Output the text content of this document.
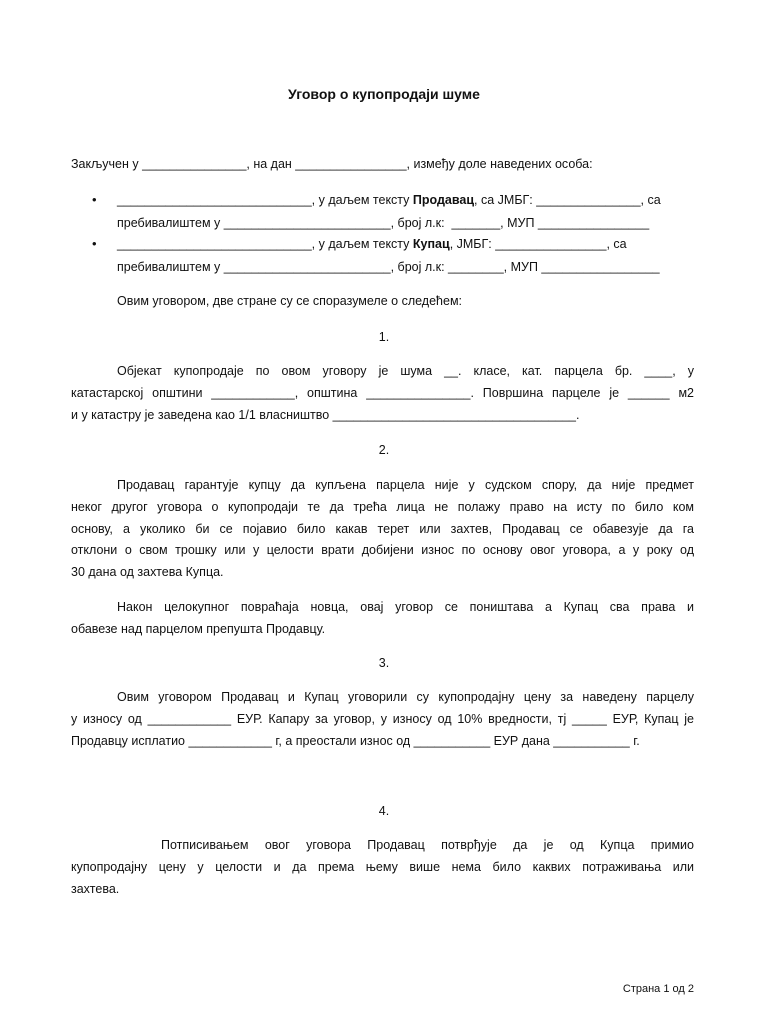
Уговор о купопродаји шуме
Закључен у _______________, на дан ________________, између доле наведених особа:
•	____________________________, у даљем тексту Продавац, са ЈМБГ: _______________, са
пребивалиштем у ________________________, број л.к:  _______, МУП ________________
•	____________________________, у даљем тексту Купац, ЈМБГ: ________________, са
пребивалиштем у ________________________, број л.к: ________, МУП _________________
Овим уговором, две стране су се споразумеле о следећем:
1.
Објекат купопродаје по овом уговору је шума __. класе, кат. парцела бр. ____, у
катастарској општини ____________, општина _______________. Површина парцеле је ______ м2
и у катастру је заведена као 1/1 власништво ___________________________________.
2.
Продавац гарантује купцу да купљена парцела није у судском спору, да није предмет
неког другог уговора о купопродаји те да трећа лица не полажу право на исту по било ком
основу, а уколико би се појавио било какав терет или захтев, Продавац се обавезује да га
отклони о свом трошку или у целости врати добијени износ по основу овог уговора, а у року од
30 дана од захтева Купца.
Након целокупног повраћаја новца, овај уговор се поништава а Купац сва права и
обавезе над парцелом препушта Продавцу.
3.
Овим уговором Продавац и Купац уговорили су купопродајну цену за наведену парцелу
у износу од ____________ ЕУР. Капару за уговор, у износу од 10% вредности, тј _____ ЕУР, Купац је
Продавцу исплатио ____________ г, а преостали износ од ___________ ЕУР дана ___________ г.
4.
Потписивањем овог уговора Продавац потврђује да је од Купца примио
купопродајну цену у целости и да према њему више нема било каквих потраживања или
захтева.
Страна 1 од 2
